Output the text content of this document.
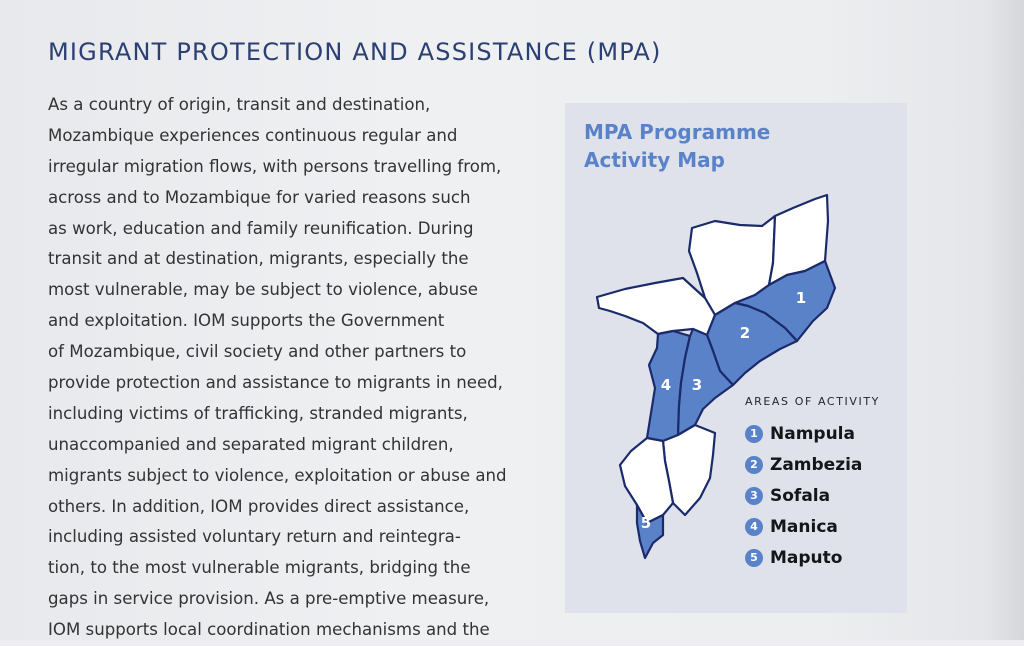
MIGRANT PROTECTION AND ASSISTANCE (MPA)
As a country of origin, transit and destination,
Mozambique experiences continuous regular and
irregular migration flows, with persons travelling from,
across and to Mozambique for varied reasons such
as work, education and family reunification. During
transit and at destination, migrants, especially the
most vulnerable, may be subject to violence, abuse
and exploitation. IOM supports the Government
of Mozambique, civil society and other partners to
provide protection and assistance to migrants in need,
including victims of trafficking, stranded migrants,
unaccompanied and separated migrant children,
migrants subject to violence, exploitation or abuse and
others. In addition, IOM provides direct assistance,
including assisted voluntary return and reintegra-
tion, to the most vulnerable migrants, bridging the
gaps in service provision. As a pre-emptive measure,
IOM supports local coordination mechanisms and the
MPA Programme
Activity Map
1
2
3
4
5
AREAS OF ACTIVITY
1 Nampula
2 Zambezia
3 Sofala
4 Manica
5 Maputo
